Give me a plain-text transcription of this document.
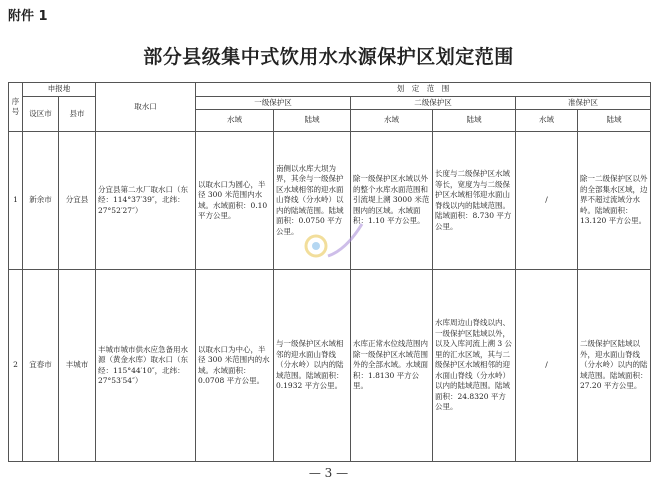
附件 1
部分县级集中式饮用水水源保护区划定范围
序号	申报地		取水口	划　定　范　围					
	设区市	县市		一级保护区		二级保护区		准保护区	
				水域	陆域	水域	陆域	水域	陆域
1	新余市	分宜县	分宜县第二水厂取水口（东经：114°37′39″，北纬：27°52′27″）	以取水口为圆心，半径 300 米范围内水域。水域面积：0.10 平方公里。	南侧以水库大坝为界，其余与一级保护区水域相邻的迎水面山脊线（分水岭）以内的陆域范围。陆域面积：0.0750 平方公里。	除一级保护区水域以外的整个水库水面范围和引流堤上溯 3000 米范围内的区域。水域面积：1.10 平方公里。	长度与二级保护区水域等长，宽度为与二级保护区水域相邻迎水面山脊线以内的陆域范围。陆域面积：8.730 平方公里。	/	除一二级保护区以外的全部集水区域，边界不超过流域分水岭。陆域面积：13.120 平方公里。
2	宜春市	丰城市	丰城市城市供水应急备用水源（黄金水库）取水口（东经：115°44′10″，北纬：27°53′54″）	以取水口为中心，半径 300 米范围内的水域。水域面积：0.0708 平方公里。	与一级保护区水域相邻的迎水面山脊线（分水岭）以内的陆域范围。陆域面积：0.1932 平方公里。	水库正常水位线范围内除一级保护区水域范围外的全部水域。水域面积：1.8130 平方公里。	水库周边山脊线以内、一级保护区陆域以外，以及入库河流上溯 3 公里的汇水区域，其与二级保护区水域相邻的迎水面山脊线（分水岭）以内的陆域范围。陆域面积：24.8320 平方公里。	/	二级保护区陆域以外，迎水面山脊线（分水岭）以内的陆域范围。陆域面积：27.20 平方公里。
— 3 —
